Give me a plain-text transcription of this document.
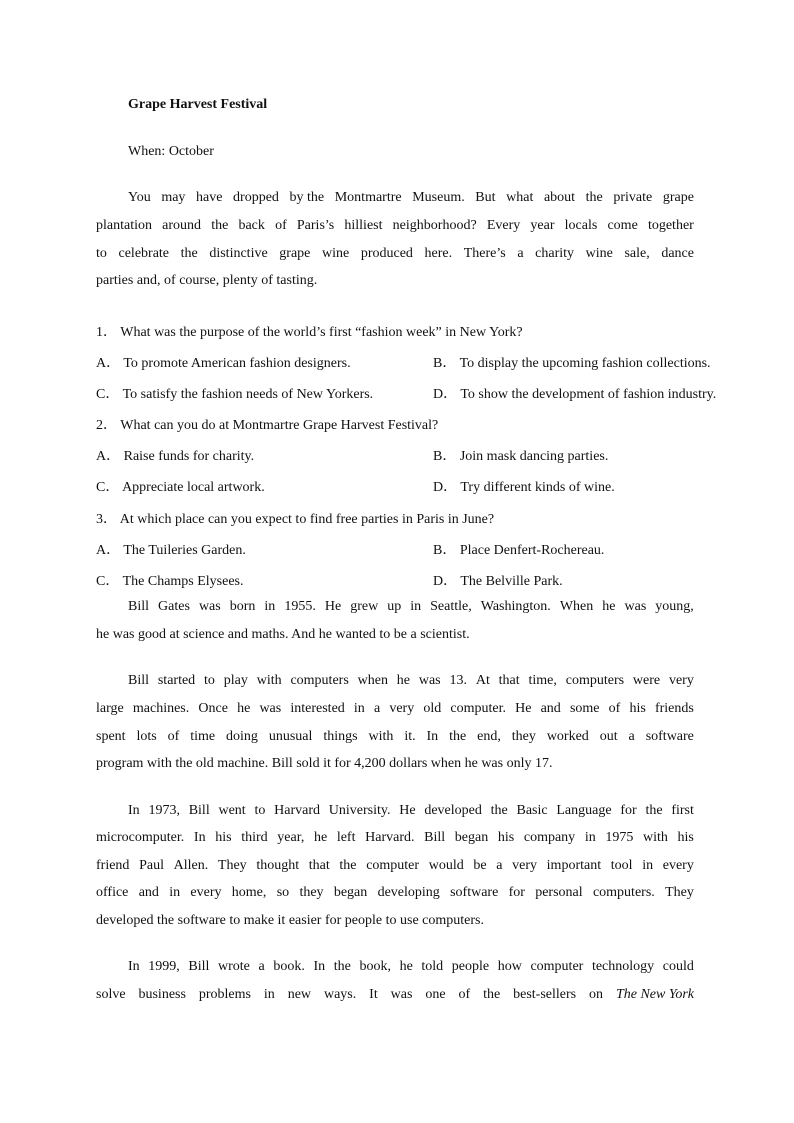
Grape Harvest Festival
When: October
You may have dropped by the Montmartre Museum. But what about the private grape
plantation around the back of Paris’s hilliest neighborhood? Every year locals come together
to celebrate the distinctive grape wine produced here. There’s a charity wine sale, dance
parties and, of course, plenty of tasting.
1． What was the purpose of the world’s first “fashion week” in New York?
A． To promote American fashion designers.	B． To display the upcoming fashion collections.
C． To satisfy the fashion needs of New Yorkers.	D． To show the development of fashion industry.
2． What can you do at Montmartre Grape Harvest Festival?
A． Raise funds for charity.	B． Join mask dancing parties.
C． Appreciate local artwork.	D． Try different kinds of wine.
3． At which place can you expect to find free parties in Paris in June?
A． The Tuileries Garden.	B． Place Denfert-Rochereau.
C． The Champs Elysees.	D． The Belville Park.
Bill Gates was born in 1955. He grew up in Seattle, Washington. When he was young,
he was good at science and maths. And he wanted to be a scientist.
Bill started to play with computers when he was 13. At that time, computers were very
large machines. Once he was interested in a very old computer. He and some of his friends
spent lots of time doing unusual things with it. In the end, they worked out a software
program with the old machine. Bill sold it for 4,200 dollars when he was only 17.
In 1973, Bill went to Harvard University. He developed the Basic Language for the first
microcomputer. In his third year, he left Harvard. Bill began his company in 1975 with his
friend Paul Allen. They thought that the computer would be a very important tool in every
office and in every home, so they began developing software for personal computers. They
developed the software to make it easier for people to use computers.
In 1999, Bill wrote a book. In the book, he told people how computer technology could
solve business problems in new ways. It was one of the best-sellers on The New York
